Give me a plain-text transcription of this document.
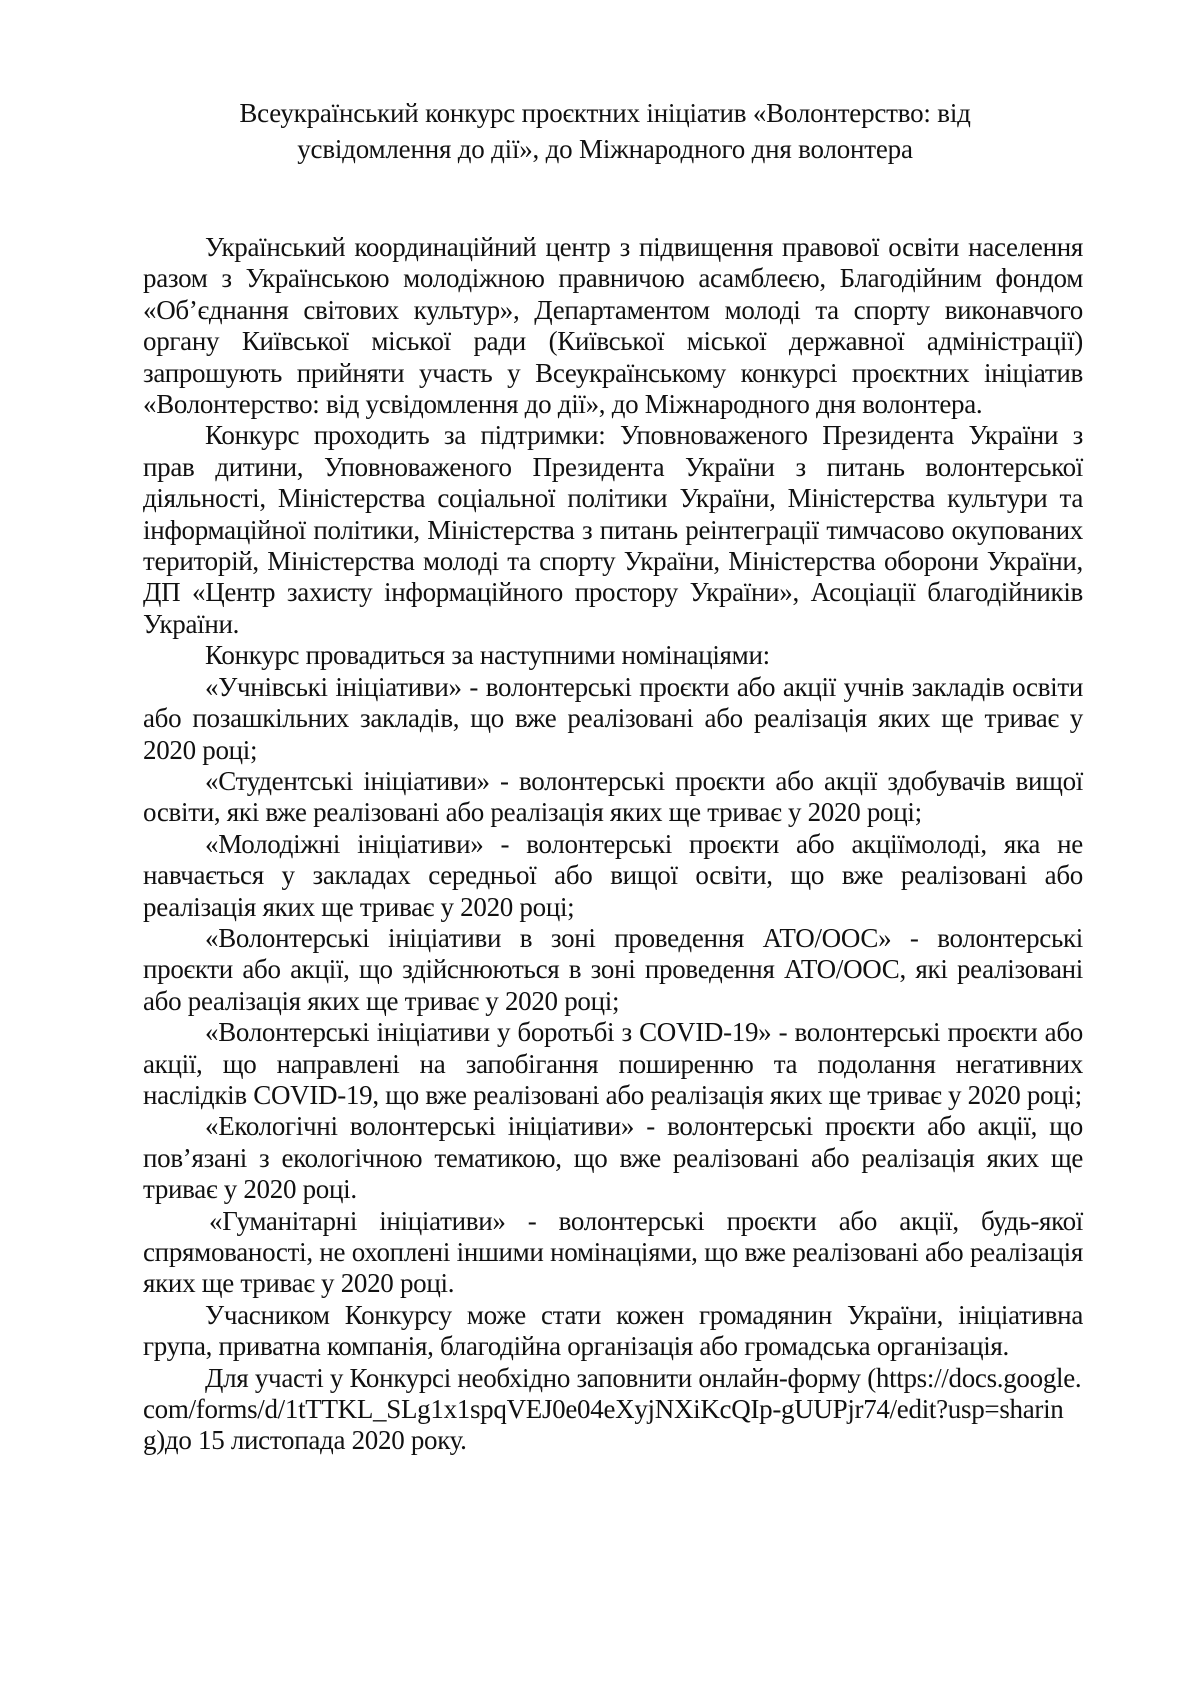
Всеукраїнський конкурс проєктних ініціатив «Волонтерство: від усвідомлення до дії», до Міжнародного дня волонтера

Український координаційний центр з підвищення правової освіти населення разом з Українською молодіжною правничою асамблеєю, Благодійним фондом «Об’єднання світових культур», Департаментом молоді та спорту виконавчого органу Київської міської ради (Київської міської державної адміністрації) запрошують прийняти участь у Всеукраїнському конкурсі проєктних ініціатив «Волонтерство: від усвідомлення до дії», до Міжнародного дня волонтера.

Конкурс проходить за підтримки: Уповноваженого Президента України з прав дитини, Уповноваженого Президента України з питань волонтерської діяльності, Міністерства соціальної політики України, Міністерства культури та інформаційної політики, Міністерства з питань реінтеграції тимчасово окупованих територій, Міністерства молоді та спорту України, Міністерства оборони України, ДП «Центр захисту інформаційного простору України», Асоціації благодійників України.

Конкурс провадиться за наступними номінаціями:

«Учнівські ініціативи» - волонтерські проєкти або акції учнів закладів освіти або позашкільних закладів, що вже реалізовані або реалізація яких ще триває у 2020 році;

«Студентські ініціативи» - волонтерські проєкти або акції здобувачів вищої освіти, які вже реалізовані або реалізація яких ще триває у 2020 році;

«Молодіжні ініціативи» - волонтерські проєкти або акціїмолоді, яка не навчається у закладах середньої або вищої освіти, що вже реалізовані або реалізація яких ще триває у 2020 році;

«Волонтерські ініціативи в зоні проведення АТО/ООС» - волонтерські проєкти або акції, що здійснюються в зоні проведення АТО/ООС, які реалізовані або реалізація яких ще триває у 2020 році;

«Волонтерські ініціативи у боротьбі з COVID-19» - волонтерські проєкти або акції, що направлені на запобігання поширенню та подолання негативних наслідків COVID-19, що вже реалізовані або реалізація яких ще триває у 2020 році;

«Екологічні волонтерські ініціативи» - волонтерські проєкти або акції, що пов’язані з екологічною тематикою, що вже реалізовані або реалізація яких ще триває у 2020 році.

«Гуманітарні ініціативи» - волонтерські проєкти або акції, будь-якої спрямованості, не охоплені іншими номінаціями, що вже реалізовані або реалізація яких ще триває у 2020 році.

Учасником Конкурсу може стати кожен громадянин України, ініціативна група, приватна компанія, благодійна організація або громадська організація.

Для участі у Конкурсі необхідно заповнити онлайн-форму (https://docs.google.com/forms/d/1tTTKL_SLg1x1spqVEJ0e04eXyjNXiKcQIp-gUUPjr74/edit?usp=sharing)до 15 листопада 2020 року.
